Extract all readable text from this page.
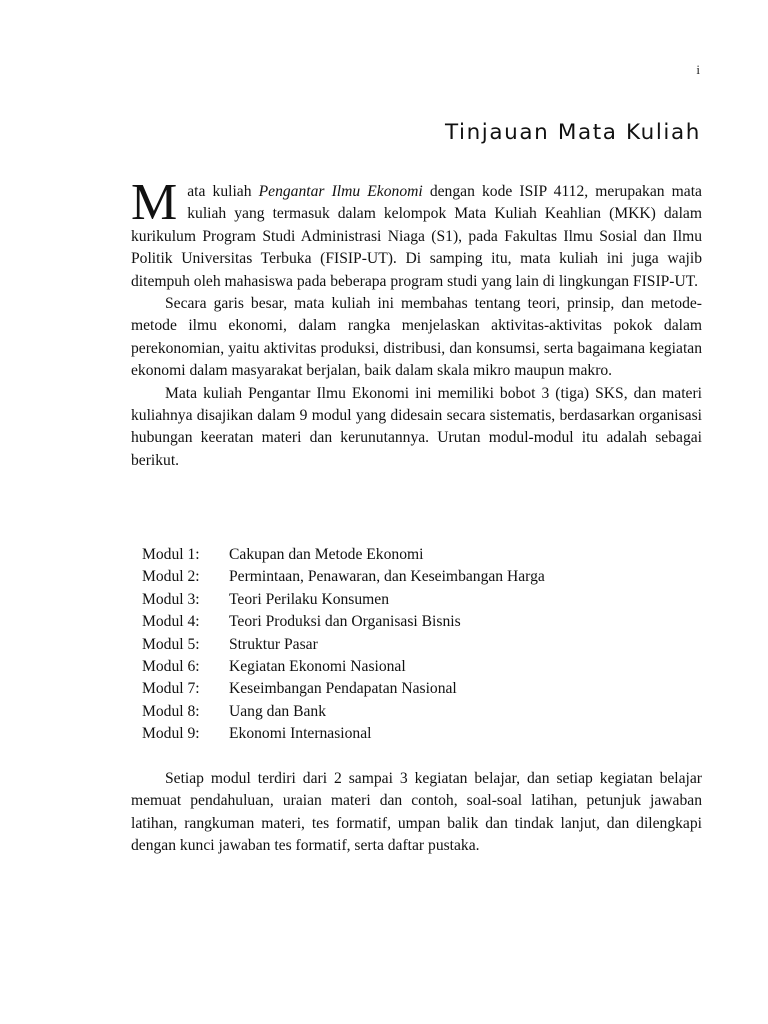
i
Tinjauan Mata Kuliah

Mata kuliah Pengantar Ilmu Ekonomi dengan kode ISIP 4112, merupakan mata kuliah yang termasuk dalam kelompok Mata Kuliah Keahlian (MKK) dalam kurikulum Program Studi Administrasi Niaga (S1), pada Fakultas Ilmu Sosial dan Ilmu Politik Universitas Terbuka (FISIP-UT). Di samping itu, mata kuliah ini juga wajib ditempuh oleh mahasiswa pada beberapa program studi yang lain di lingkungan FISIP-UT.

Secara garis besar, mata kuliah ini membahas tentang teori, prinsip, dan metode-metode ilmu ekonomi, dalam rangka menjelaskan aktivitas-aktivitas pokok dalam perekonomian, yaitu aktivitas produksi, distribusi, dan konsumsi, serta bagaimana kegiatan ekonomi dalam masyarakat berjalan, baik dalam skala mikro maupun makro.

Mata kuliah Pengantar Ilmu Ekonomi ini memiliki bobot 3 (tiga) SKS, dan materi kuliahnya disajikan dalam 9 modul yang didesain secara sistematis, berdasarkan organisasi hubungan keeratan materi dan kerunutannya. Urutan modul-modul itu adalah sebagai berikut.

Modul 1:	Cakupan dan Metode Ekonomi
Modul 2:	Permintaan, Penawaran, dan Keseimbangan Harga
Modul 3:	Teori Perilaku Konsumen
Modul 4:	Teori Produksi dan Organisasi Bisnis
Modul 5:	Struktur Pasar
Modul 6:	Kegiatan Ekonomi Nasional
Modul 7:	Keseimbangan Pendapatan Nasional
Modul 8:	Uang dan Bank
Modul 9:	Ekonomi Internasional

Setiap modul terdiri dari 2 sampai 3 kegiatan belajar, dan setiap kegiatan belajar memuat pendahuluan, uraian materi dan contoh, soal-soal latihan, petunjuk jawaban latihan, rangkuman materi, tes formatif, umpan balik dan tindak lanjut, dan dilengkapi dengan kunci jawaban tes formatif, serta daftar pustaka.
